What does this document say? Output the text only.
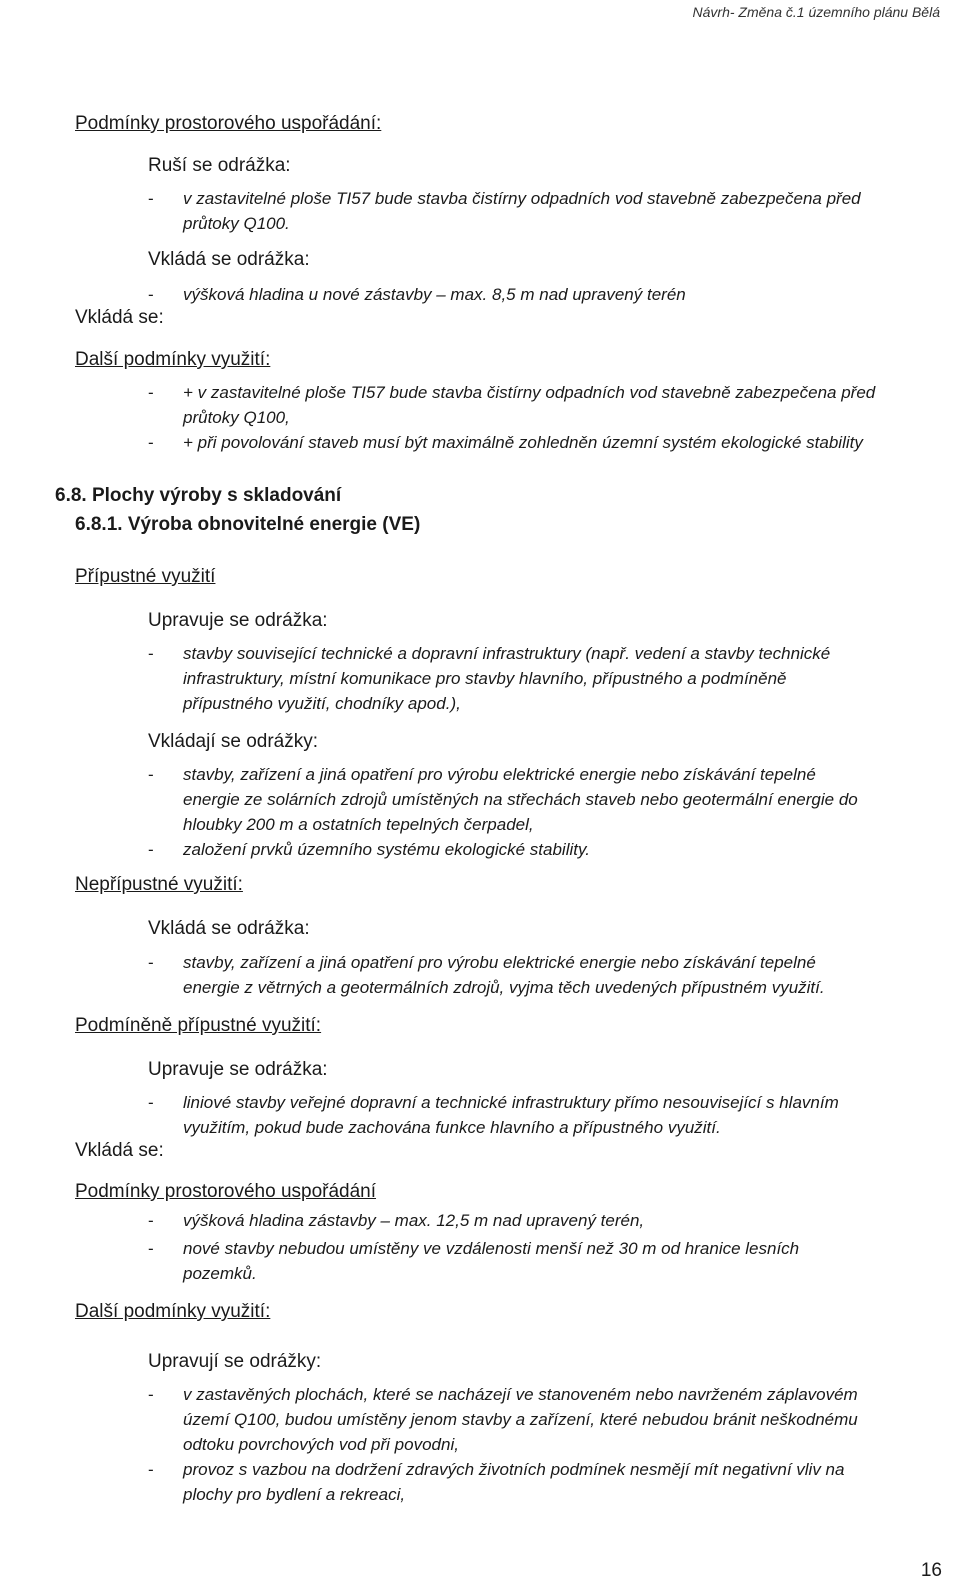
Návrh- Změna č.1 územního plánu Bělá
Podmínky prostorového uspořádání:
Ruší se odrážka:
- v zastavitelné ploše TI57 bude stavba čistírny odpadních vod stavebně zabezpečena před
průtoky Q100.
Vkládá se odrážka:
- výšková hladina u nové zástavby – max. 8,5 m nad upravený terén
Vkládá se:
Další podmínky využití:
- + v zastavitelné ploše TI57 bude stavba čistírny odpadních vod stavebně zabezpečena před
průtoky Q100,
- + při povolování staveb musí být maximálně zohledněn územní systém ekologické stability
6.8. Plochy výroby s skladování
6.8.1. Výroba obnovitelné energie (VE)
Přípustné využití
Upravuje se odrážka:
- stavby související technické a dopravní infrastruktury (např. vedení a stavby technické
infrastruktury, místní komunikace pro stavby hlavního, přípustného a podmíněně
přípustného využití, chodníky apod.),
Vkládají se odrážky:
- stavby, zařízení a jiná opatření pro výrobu elektrické energie nebo získávání tepelné
energie ze solárních zdrojů umístěných na střechách staveb nebo geotermální energie do
hloubky 200 m a ostatních tepelných čerpadel,
- založení prvků územního systému ekologické stability.
Nepřípustné využití:
Vkládá se odrážka:
- stavby, zařízení a jiná opatření pro výrobu elektrické energie nebo získávání tepelné
energie z větrných a geotermálních zdrojů, vyjma těch uvedených přípustném využití.
Podmíněně přípustné využití:
Upravuje se odrážka:
- liniové stavby veřejné dopravní a technické infrastruktury přímo nesouvisející s hlavním
využitím, pokud bude zachována funkce hlavního a přípustného využití.
Vkládá se:
Podmínky prostorového uspořádání
- výšková hladina zástavby – max. 12,5 m nad upravený terén,
- nové stavby nebudou umístěny ve vzdálenosti menší než 30 m od hranice lesních
pozemků.
Další podmínky využití:
Upravují se odrážky:
- v zastavěných plochách, které se nacházejí ve stanoveném nebo navrženém záplavovém
území Q100, budou umístěny jenom stavby a zařízení, které nebudou bránit neškodnému
odtoku povrchových vod při povodni,
- provoz s vazbou na dodržení zdravých životních podmínek nesmějí mít negativní vliv na
plochy pro bydlení a rekreaci,
16
